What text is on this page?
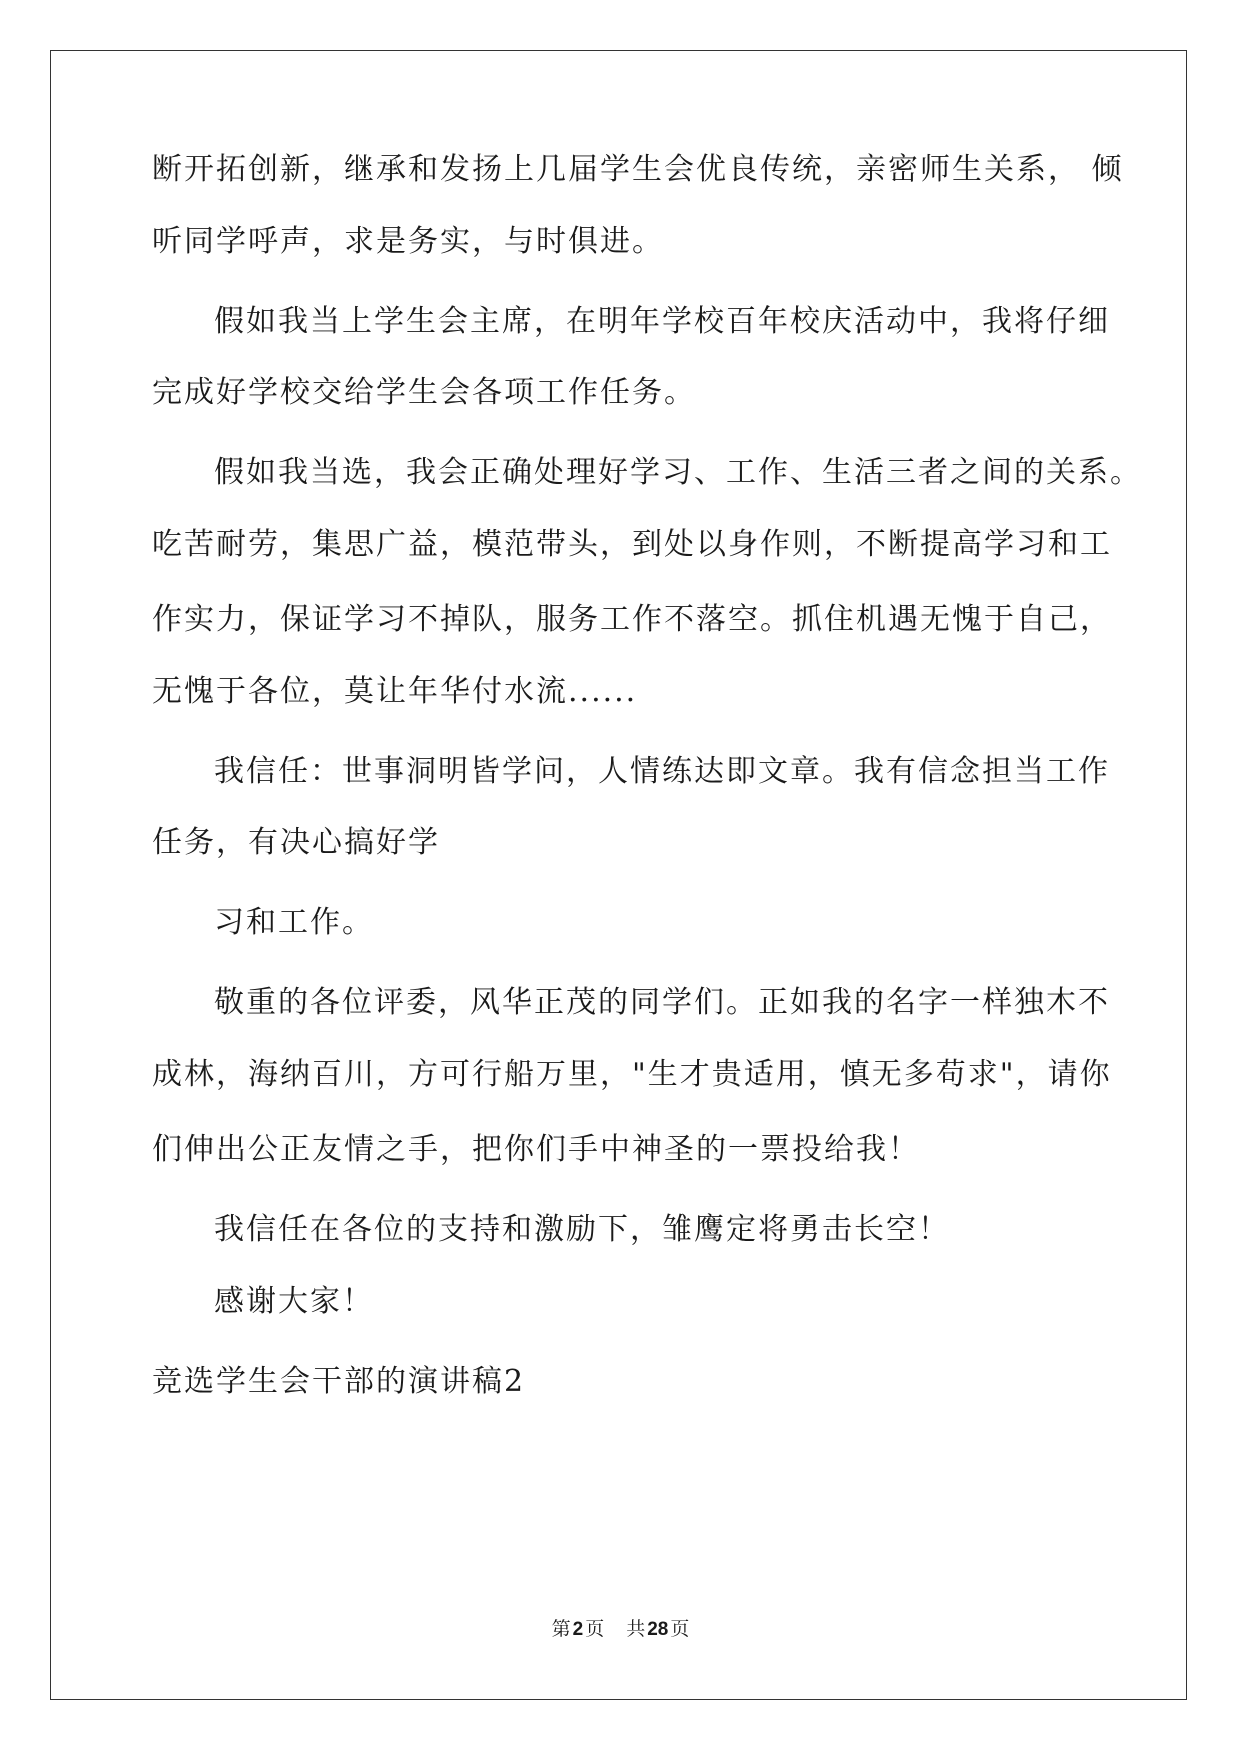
断开拓创新，继承和发扬上几届学生会优良传统，亲密师生关系， 倾
听同学呼声，求是务实，与时俱进。
假如我当上学生会主席，在明年学校百年校庆活动中，我将仔细
完成好学校交给学生会各项工作任务。
假如我当选，我会正确处理好学习、工作、生活三者之间的关系。
吃苦耐劳，集思广益，模范带头，到处以身作则，不断提高学习和工
作实力，保证学习不掉队，服务工作不落空。抓住机遇无愧于自己，
无愧于各位，莫让年华付水流......
我信任：世事洞明皆学问，人情练达即文章。我有信念担当工作
任务，有决心搞好学
习和工作。
敬重的各位评委，风华正茂的同学们。正如我的名字一样独木不
成林，海纳百川，方可行船万里，"生才贵适用，慎无多苟求"，请你
们伸出公正友情之手，把你们手中神圣的一票投给我！
我信任在各位的支持和激励下，雏鹰定将勇击长空！
感谢大家！
竞选学生会干部的演讲稿2
第 2 页 共 28 页
